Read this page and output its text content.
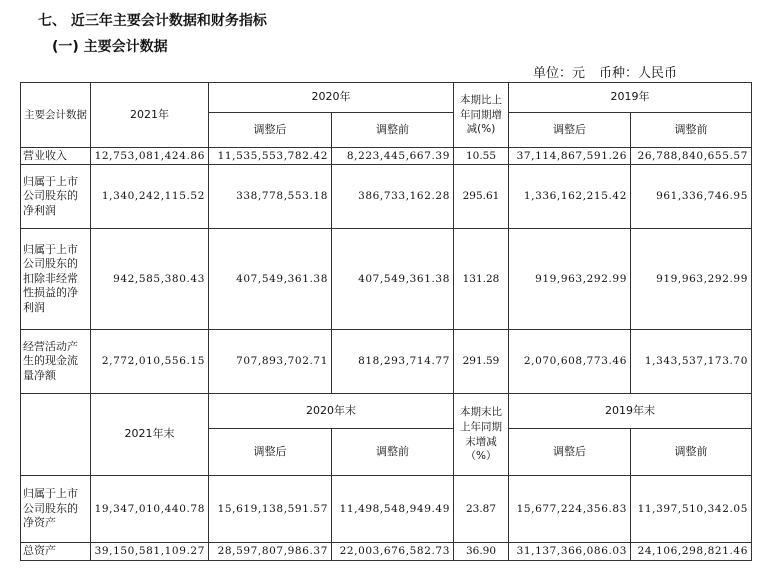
七、 近三年主要会计数据和财务指标
(一) 主要会计数据
单位：元 币种：人民币
主要会计数据	2021年	2020年		本期比上年同期增减(%)	2019年	
		调整后	调整前		调整后	调整前
营业收入	12,753,081,424.86	11,535,553,782.42	8,223,445,667.39	10.55	37,114,867,591.26	26,788,840,655.57
归属于上市公司股东的净利润	1,340,242,115.52	338,778,553.18	386,733,162.28	295.61	1,336,162,215.42	961,336,746.95
归属于上市公司股东的扣除非经常性损益的净利润	942,585,380.43	407,549,361.38	407,549,361.38	131.28	919,963,292.99	919,963,292.99
经营活动产生的现金流量净额	2,772,010,556.15	707,893,702.71	818,293,714.77	291.59	2,070,608,773.46	1,343,537,173.70
	2021年末	2020年末		本期末比上年同期末增减（%）	2019年末	
		调整后	调整前		调整后	调整前
归属于上市公司股东的净资产	19,347,010,440.78	15,619,138,591.57	11,498,548,949.49	23.87	15,677,224,356.83	11,397,510,342.05
总资产	39,150,581,109.27	28,597,807,986.37	22,003,676,582.73	36.90	31,137,366,086.03	24,106,298,821.46
